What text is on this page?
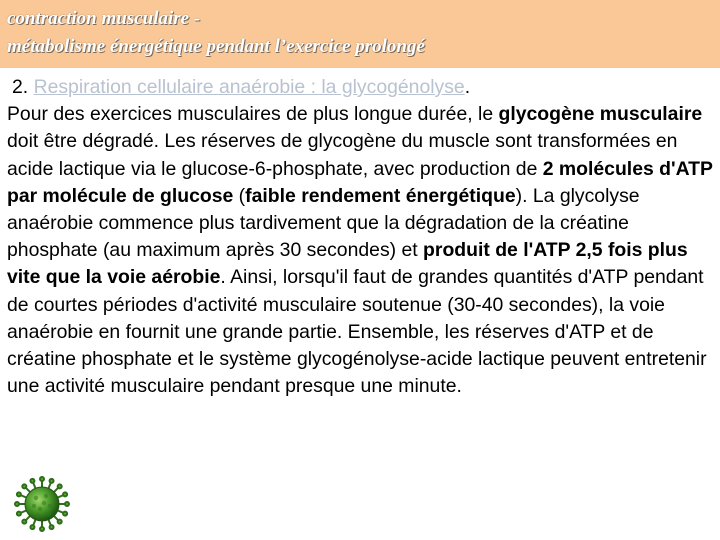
contraction musculaire -
métabolisme énergétique pendant l’exercice prolongé
2. Respiration cellulaire anaérobie : la glycogénolyse.
Pour des exercices musculaires de plus longue durée, le glycogène musculaire doit être dégradé. Les réserves de glycogène du muscle sont transformées en acide lactique via le glucose-6-phosphate, avec production de 2 molécules d'ATP par molécule de glucose (faible rendement énergétique). La glycolyse anaérobie commence plus tardivement que la dégradation de la créatine phosphate (au maximum après 30 secondes) et produit de l'ATP 2,5 fois plus vite que la voie aérobie. Ainsi, lorsqu'il faut de grandes quantités d'ATP pendant de courtes périodes d'activité musculaire soutenue (30-40 secondes), la voie anaérobie en fournit une grande partie. Ensemble, les réserves d'ATP et de créatine phosphate et le système glycogénolyse-acide lactique peuvent entretenir une activité musculaire pendant presque une minute.
